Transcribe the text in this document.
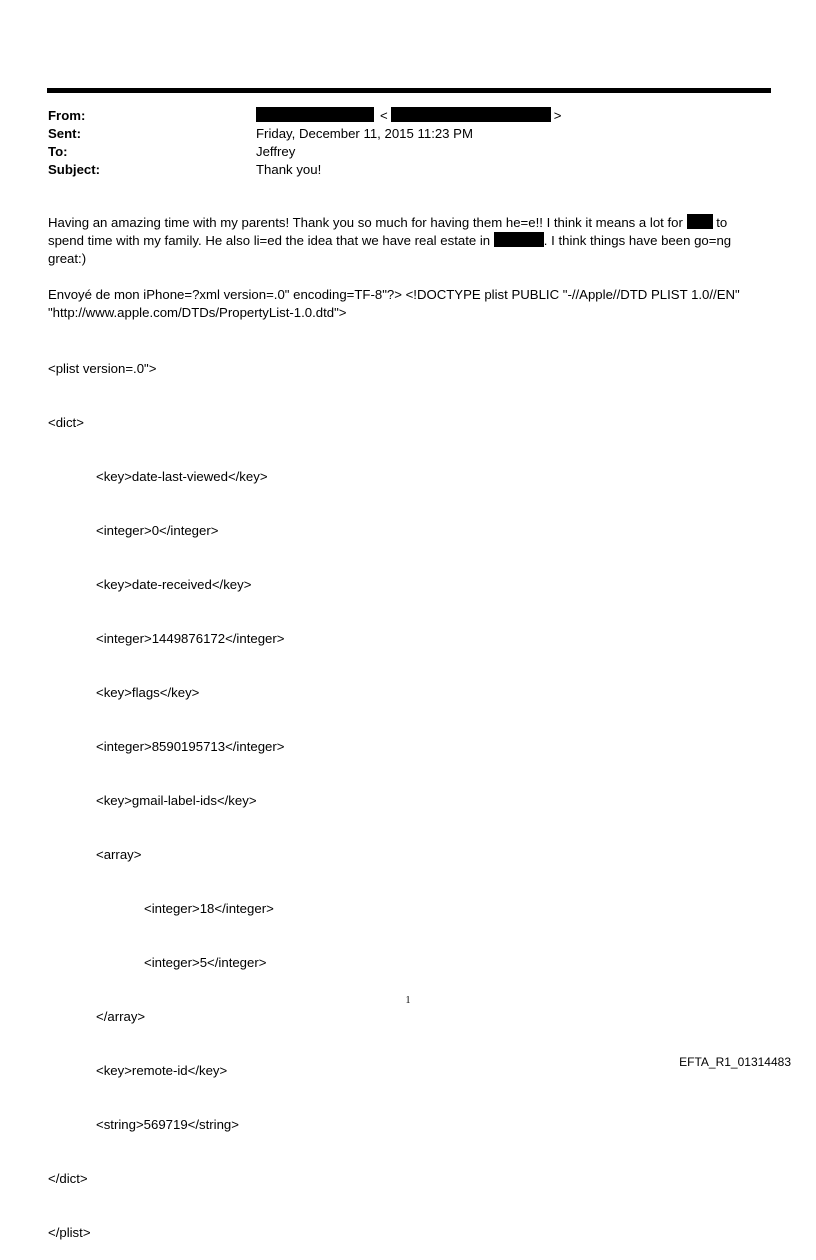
From:	<	>
Sent:	Friday, December 11, 2015 11:23 PM
To:	Jeffrey
Subject:	Thank you!

Having an amazing time with my parents! Thank you so much for having them he=e!! I think it means a lot for  to

spend time with my family. He also li=ed the idea that we have real estate in	. I think things have been go=ng

great:)

Envoyé de mon iPhone=?xml version=.0" encoding=TF-8"?> <!DOCTYPE plist PUBLIC "-//Apple//DTD PLIST 1.0//EN"

"http://www.apple.com/DTDs/PropertyList-1.0.dtd">

<plist version=.0">

<dict>

<key>date-last-viewed</key>

<integer>0</integer>

<key>date-received</key>

<integer>1449876172</integer>

<key>flags</key>

<integer>8590195713</integer>

<key>gmail-label-ids</key>

<array>

<integer>18</integer>

<integer>5</integer>

</array>

<key>remote-id</key>

<string>569719</string>

</dict>

</plist>

1
EFTA_R1_01314483
